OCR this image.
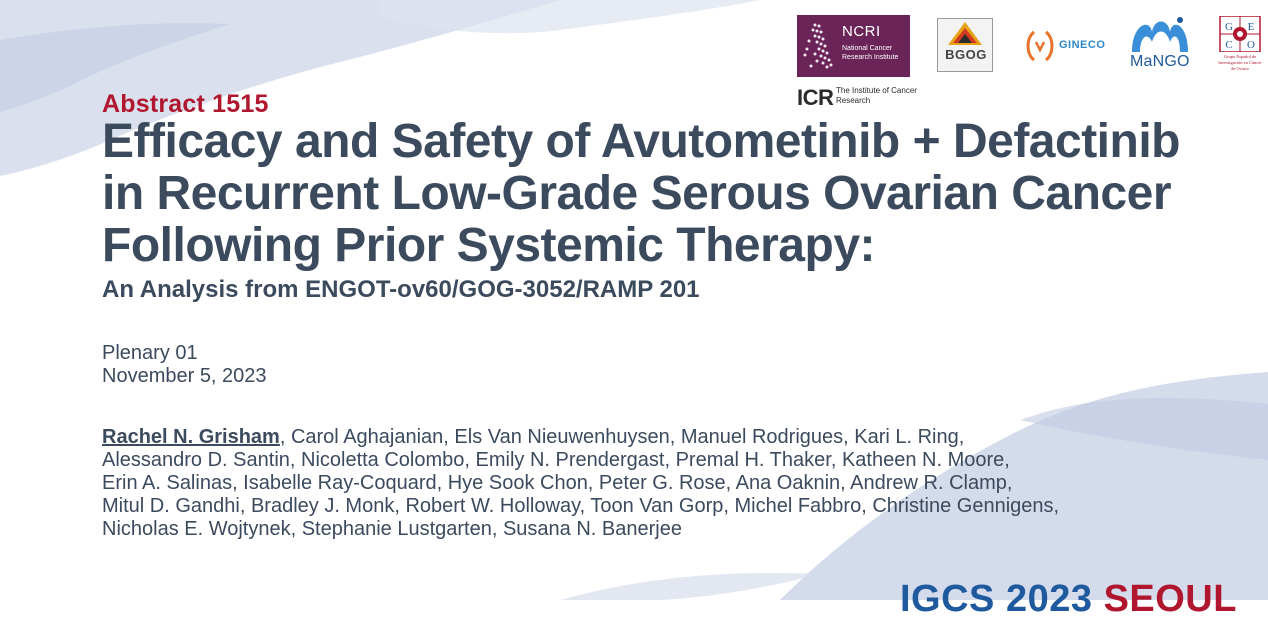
NCRI
National Cancer Research Institute
ICR The Institute of Cancer Research
BGOG
GINECO
MaNGO
G E
C O
Grupo Español de Investigación en Cáncer de Ovario
Abstract 1515
Efficacy and Safety of Avutometinib + Defactinib
in Recurrent Low-Grade Serous Ovarian Cancer
Following Prior Systemic Therapy:
An Analysis from ENGOT-ov60/GOG-3052/RAMP 201
Plenary 01
November 5, 2023
Rachel N. Grisham, Carol Aghajanian, Els Van Nieuwenhuysen, Manuel Rodrigues, Kari L. Ring,
Alessandro D. Santin, Nicoletta Colombo, Emily N. Prendergast, Premal H. Thaker, Katheen N. Moore,
Erin A. Salinas, Isabelle Ray-Coquard, Hye Sook Chon, Peter G. Rose, Ana Oaknin, Andrew R. Clamp,
Mitul D. Gandhi, Bradley J. Monk, Robert W. Holloway, Toon Van Gorp, Michel Fabbro, Christine Gennigens,
Nicholas E. Wojtynek, Stephanie Lustgarten, Susana N. Banerjee
IGCS 2023 SEOUL
